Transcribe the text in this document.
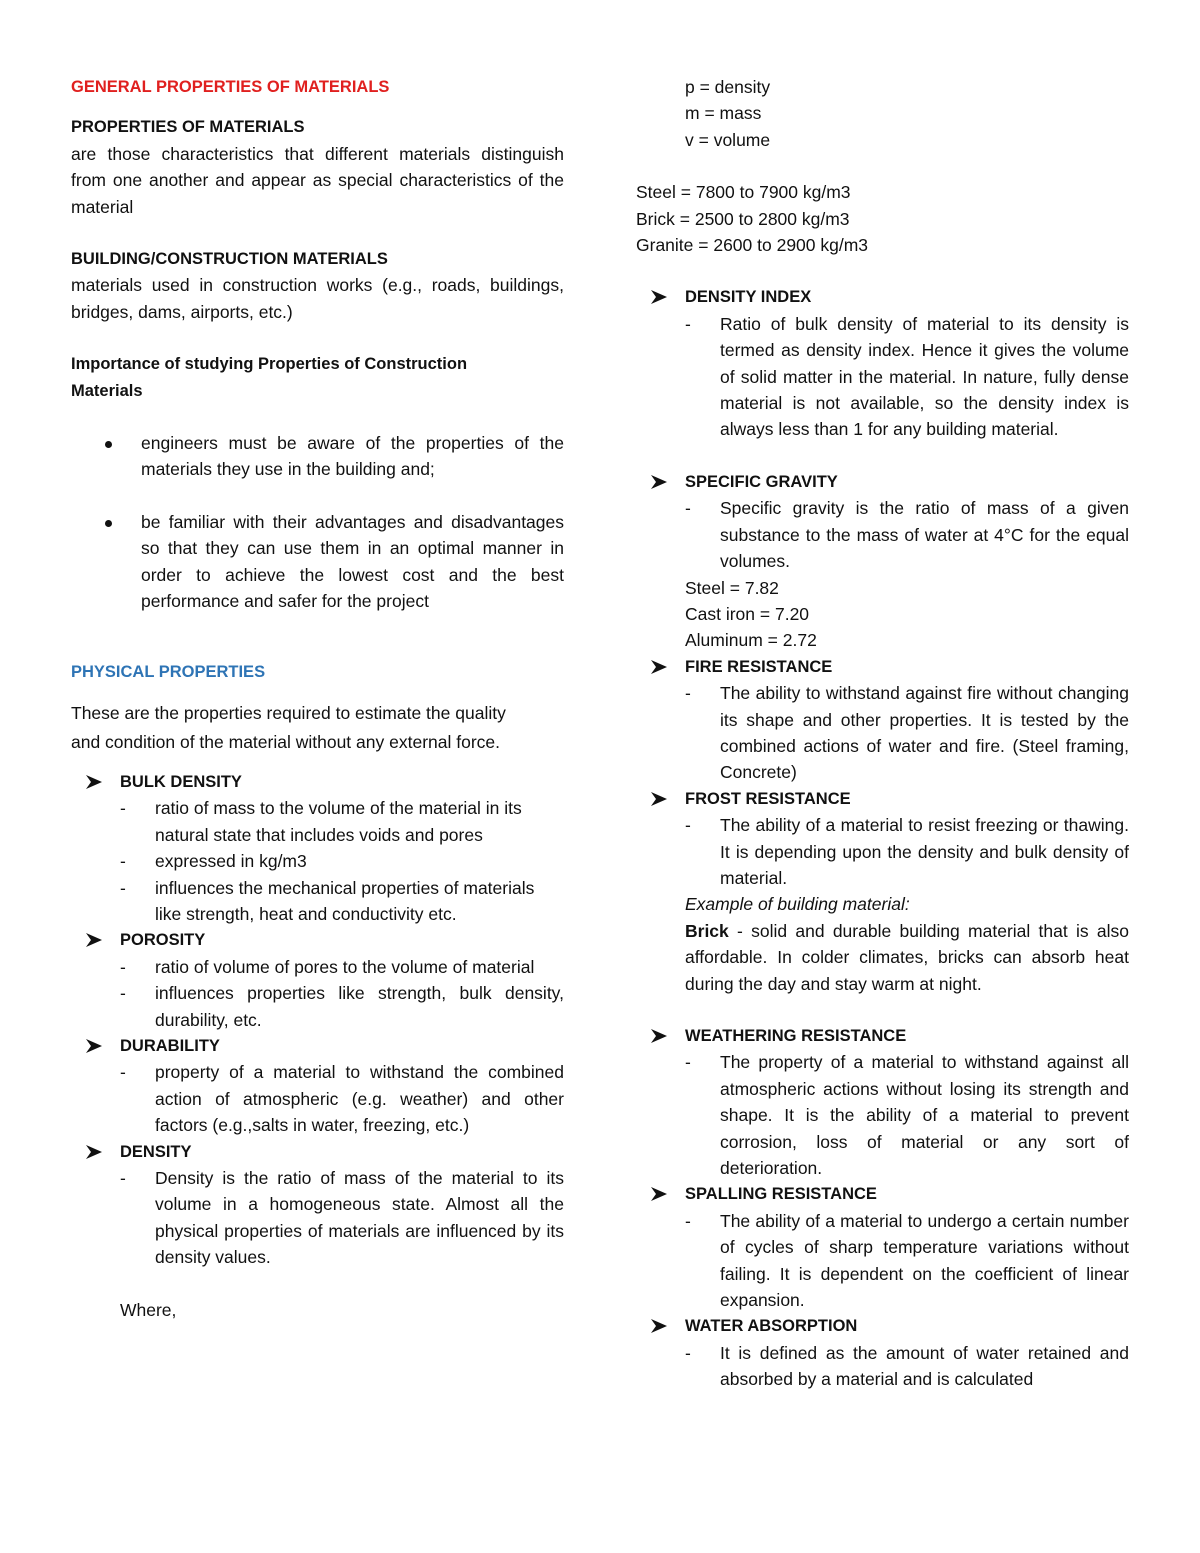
GENERAL PROPERTIES OF MATERIALS

PROPERTIES OF MATERIALS

are those characteristics that different materials distinguish from one another and appear as special characteristics of the material

BUILDING/CONSTRUCTION MATERIALS

materials used in construction works (e.g., roads, buildings, bridges, dams, airports, etc.)

Importance of studying Properties of Construction Materials

engineers must be aware of the properties of the materials they use in the building and;
be familiar with their advantages and disadvantages so that they can use them in an optimal manner in order to achieve the lowest cost and the best performance and safer for the project

PHYSICAL PROPERTIES

These are the properties required to estimate the quality and condition of the material without any external force.

BULK DENSITY

- ratio of mass to the volume of the material in its natural state that includes voids and pores
- expressed in kg/m3
- influences the mechanical properties of materials like strength, heat and conductivity etc.

POROSITY

- ratio of volume of pores to the volume of material
- influences properties like strength, bulk density, durability, etc.

DURABILITY

- property of a material to withstand the combined action of atmospheric (e.g. weather) and other factors (e.g.,salts in water, freezing, etc.)

DENSITY

- Density is the ratio of mass of the material to its volume in a homogeneous state. Almost all the physical properties of materials are influenced by its density values.

Where,

p = density

m = mass

v = volume

Steel = 7800 to 7900 kg/m3

Brick = 2500 to 2800 kg/m3

Granite = 2600 to 2900 kg/m3

DENSITY INDEX

- Ratio of bulk density of material to its density is termed as density index. Hence it gives the volume of solid matter in the material. In nature, fully dense material is not available, so the density index is always less than 1 for any building material.

SPECIFIC GRAVITY

- Specific gravity is the ratio of mass of a given substance to the mass of water at 4°C for the equal volumes.

Steel = 7.82

Cast iron = 7.20

Aluminum = 2.72

FIRE RESISTANCE

- The ability to withstand against fire without changing its shape and other properties. It is tested by the combined actions of water and fire. (Steel framing, Concrete)

FROST RESISTANCE

- The ability of a material to resist freezing or thawing. It is depending upon the density and bulk density of material.

Example of building material:

Brick - solid and durable building material that is also affordable. In colder climates, bricks can absorb heat during the day and stay warm at night.

WEATHERING RESISTANCE

- The property of a material to withstand against all atmospheric actions without losing its strength and shape. It is the ability of a material to prevent corrosion, loss of material or any sort of deterioration.

SPALLING RESISTANCE

- The ability of a material to undergo a certain number of cycles of sharp temperature variations without failing. It is dependent on the coefficient of linear expansion.

WATER ABSORPTION

- It is defined as the amount of water retained and absorbed by a material and is calculated
